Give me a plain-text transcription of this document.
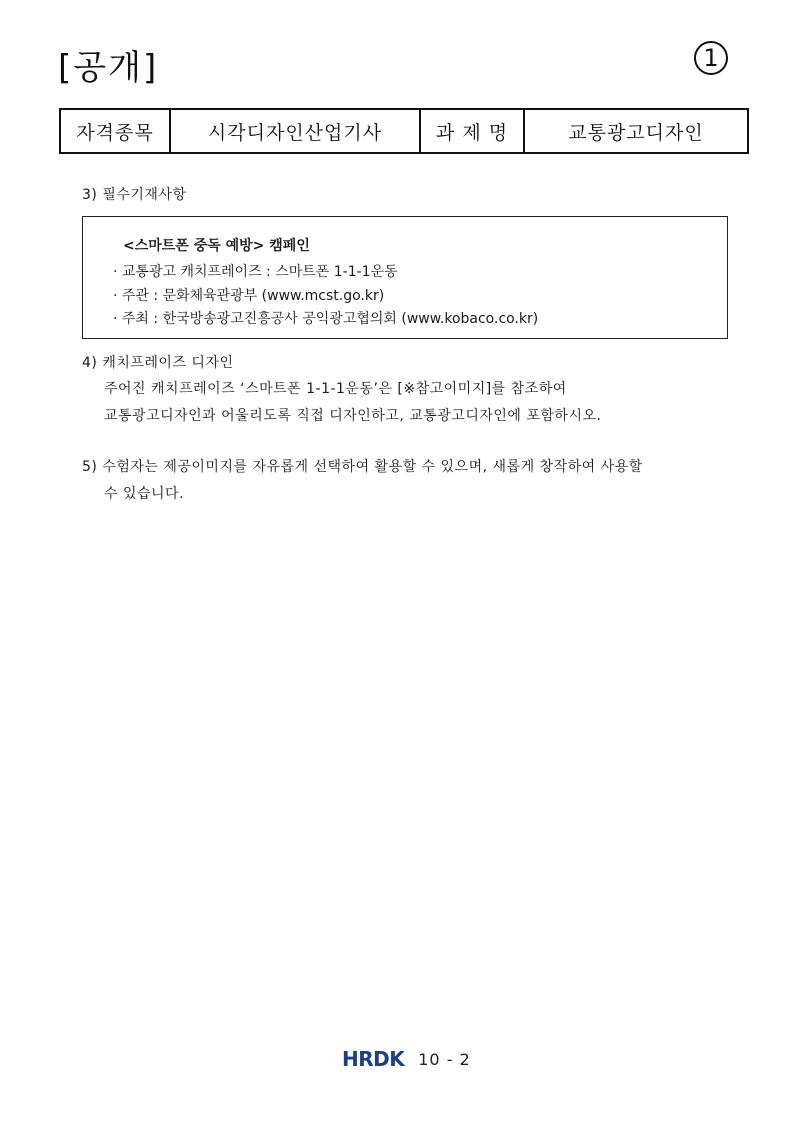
[공개]	1
자격종목	시각디자인산업기사	과 제 명	교통광고디자인
3) 필수기재사항
<스마트폰 중독 예방> 캠페인
· 교통광고 캐치프레이즈 : 스마트폰 1-1-1운동
· 주관 : 문화체육관광부 (www.mcst.go.kr)
· 주최 : 한국방송광고진흥공사 공익광고협의회 (www.kobaco.co.kr)
4) 캐치프레이즈 디자인
주어진 캐치프레이즈 ‘스마트폰 1-1-1운동’은 [※참고이미지]를 참조하여
교통광고디자인과 어울리도록 직접 디자인하고, 교통광고디자인에 포함하시오.
5) 수험자는 제공이미지를 자유롭게 선택하여 활용할 수 있으며, 새롭게 창작하여 사용할
수 있습니다.
HRDK 10 - 2
